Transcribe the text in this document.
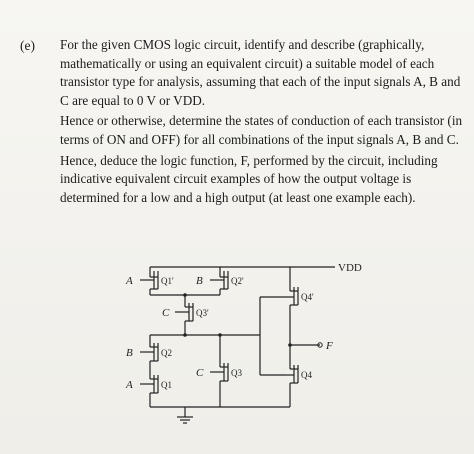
(e) For the given CMOS logic circuit, identify and describe (graphically, mathematically or using an equivalent circuit) a suitable model of each transistor type for analysis, assuming that each of the input signals A, B and C are equal to 0 V or VDD.

Hence or otherwise, determine the states of conduction of each transistor (in terms of ON and OFF) for all combinations of the input signals A, B and C.

Hence, deduce the logic function, F, performed by the circuit, including indicative equivalent circuit examples of how the output voltage is determined for a low and a high output (at least one example each).

VDD
F
A	B
C
B
C
A
Q1'	Q2'
Q3'
Q4'
Q2
Q1
Q3	Q4
